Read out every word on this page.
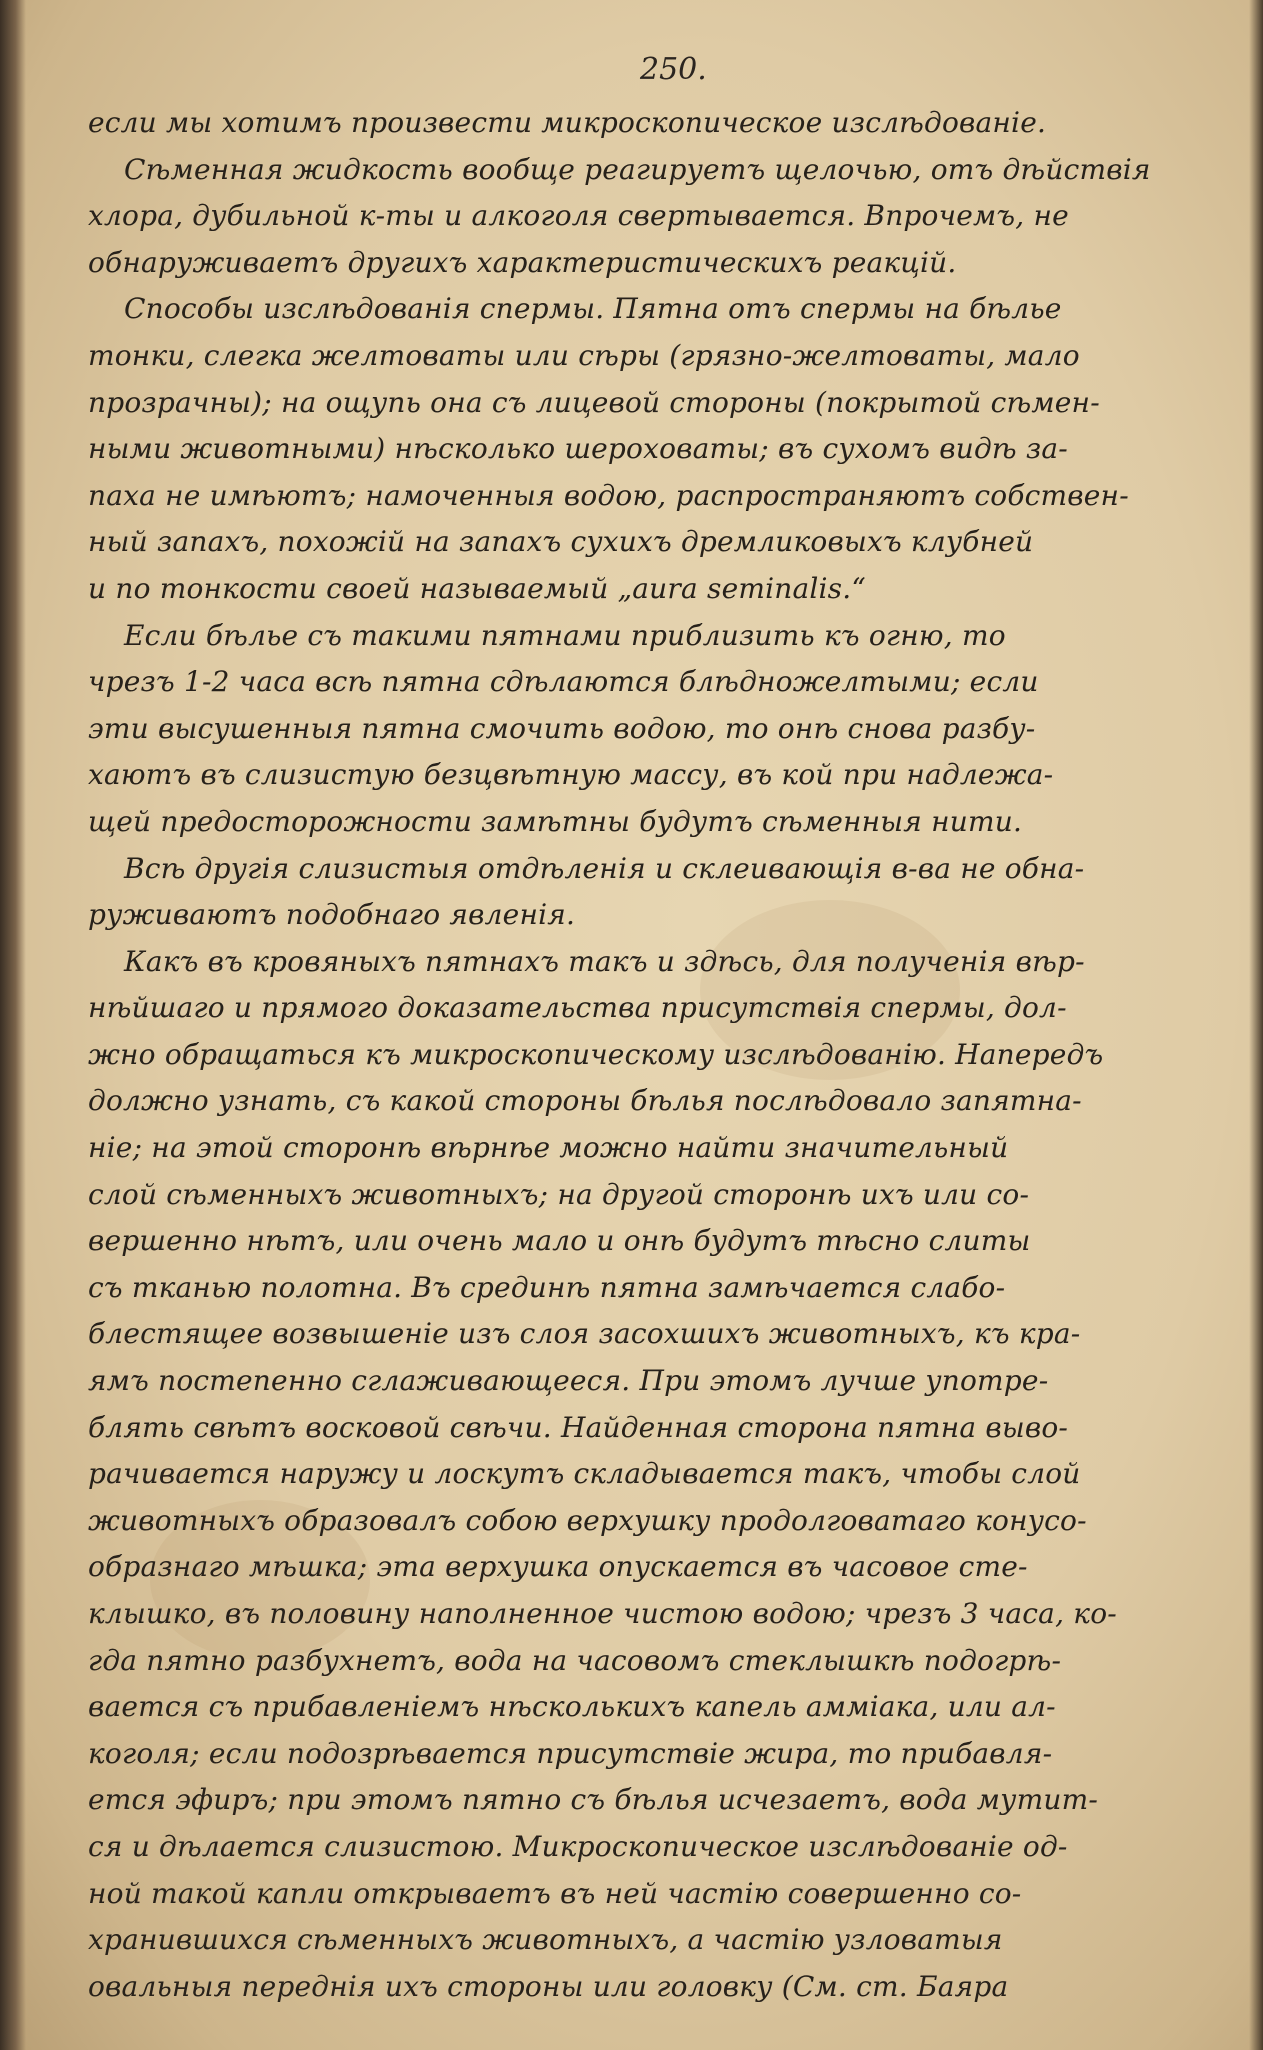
250.
если мы хотимъ произвести микроскопическое изслѣдованіе.
Сѣменная жидкость вообще реагируетъ щелочью, отъ дѣйствія
хлора, дубильной к-ты и алкоголя свертывается. Впрочемъ, не
обнаруживаетъ другихъ характеристическихъ реакцій.
Способы изслѣдованія спермы. Пятна отъ спермы на бѣлье
тонки, слегка желтоваты или сѣры (грязно-желтоваты, мало
прозрачны); на ощупь она съ лицевой стороны (покрытой сѣмен-
ными животными) нѣсколько шероховаты; въ сухомъ видѣ за-
паха не имѣютъ; намоченныя водою, распространяютъ собствен-
ный запахъ, похожій на запахъ сухихъ дремликовыхъ клубней
и по тонкости своей называемый „aura seminalis.“
Если бѣлье съ такими пятнами приблизить къ огню, то
чрезъ 1-2 часа всѣ пятна сдѣлаются блѣдножелтыми; если
эти высушенныя пятна смочить водою, то онѣ снова разбу-
хаютъ въ слизистую безцвѣтную массу, въ кой при надлежа-
щей предосторожности замѣтны будутъ сѣменныя нити.
Всѣ другія слизистыя отдѣленія и склеивающія в-ва не обна-
руживаютъ подобнаго явленія.
Какъ въ кровяныхъ пятнахъ такъ и здѣсь, для полученія вѣр-
нѣйшаго и прямого доказательства присутствія спермы, дол-
жно обращаться къ микроскопическому изслѣдованію. Напередъ
должно узнать, съ какой стороны бѣлья послѣдовало запятна-
ніе; на этой сторонѣ вѣрнѣе можно найти значительный
слой сѣменныхъ животныхъ; на другой сторонѣ ихъ или со-
вершенно нѣтъ, или очень мало и онѣ будутъ тѣсно слиты
съ тканью полотна. Въ срединѣ пятна замѣчается слабо-
блестящее возвышеніе изъ слоя засохшихъ животныхъ, къ кра-
ямъ постепенно сглаживающееся. При этомъ лучше употре-
блять свѣтъ восковой свѣчи. Найденная сторона пятна выво-
рачивается наружу и лоскутъ складывается такъ, чтобы слой
животныхъ образовалъ собою верхушку продолговатаго конусо-
образнаго мѣшка; эта верхушка опускается въ часовое сте-
клышко, въ половину наполненное чистою водою; чрезъ 3 часа, ко-
гда пятно разбухнетъ, вода на часовомъ стеклышкѣ подогрѣ-
вается съ прибавленіемъ нѣсколькихъ капель аммiака, или ал-
коголя; если подозрѣвается присутствіе жира, то прибавля-
ется эфиръ; при этомъ пятно съ бѣлья исчезаетъ, вода мутит-
ся и дѣлается слизистою. Микроскопическое изслѣдованіе од-
ной такой капли открываетъ въ ней частію совершенно со-
хранившихся сѣменныхъ животныхъ, а частію узловатыя
овальныя переднія ихъ стороны или головку (См. ст. Баяра
